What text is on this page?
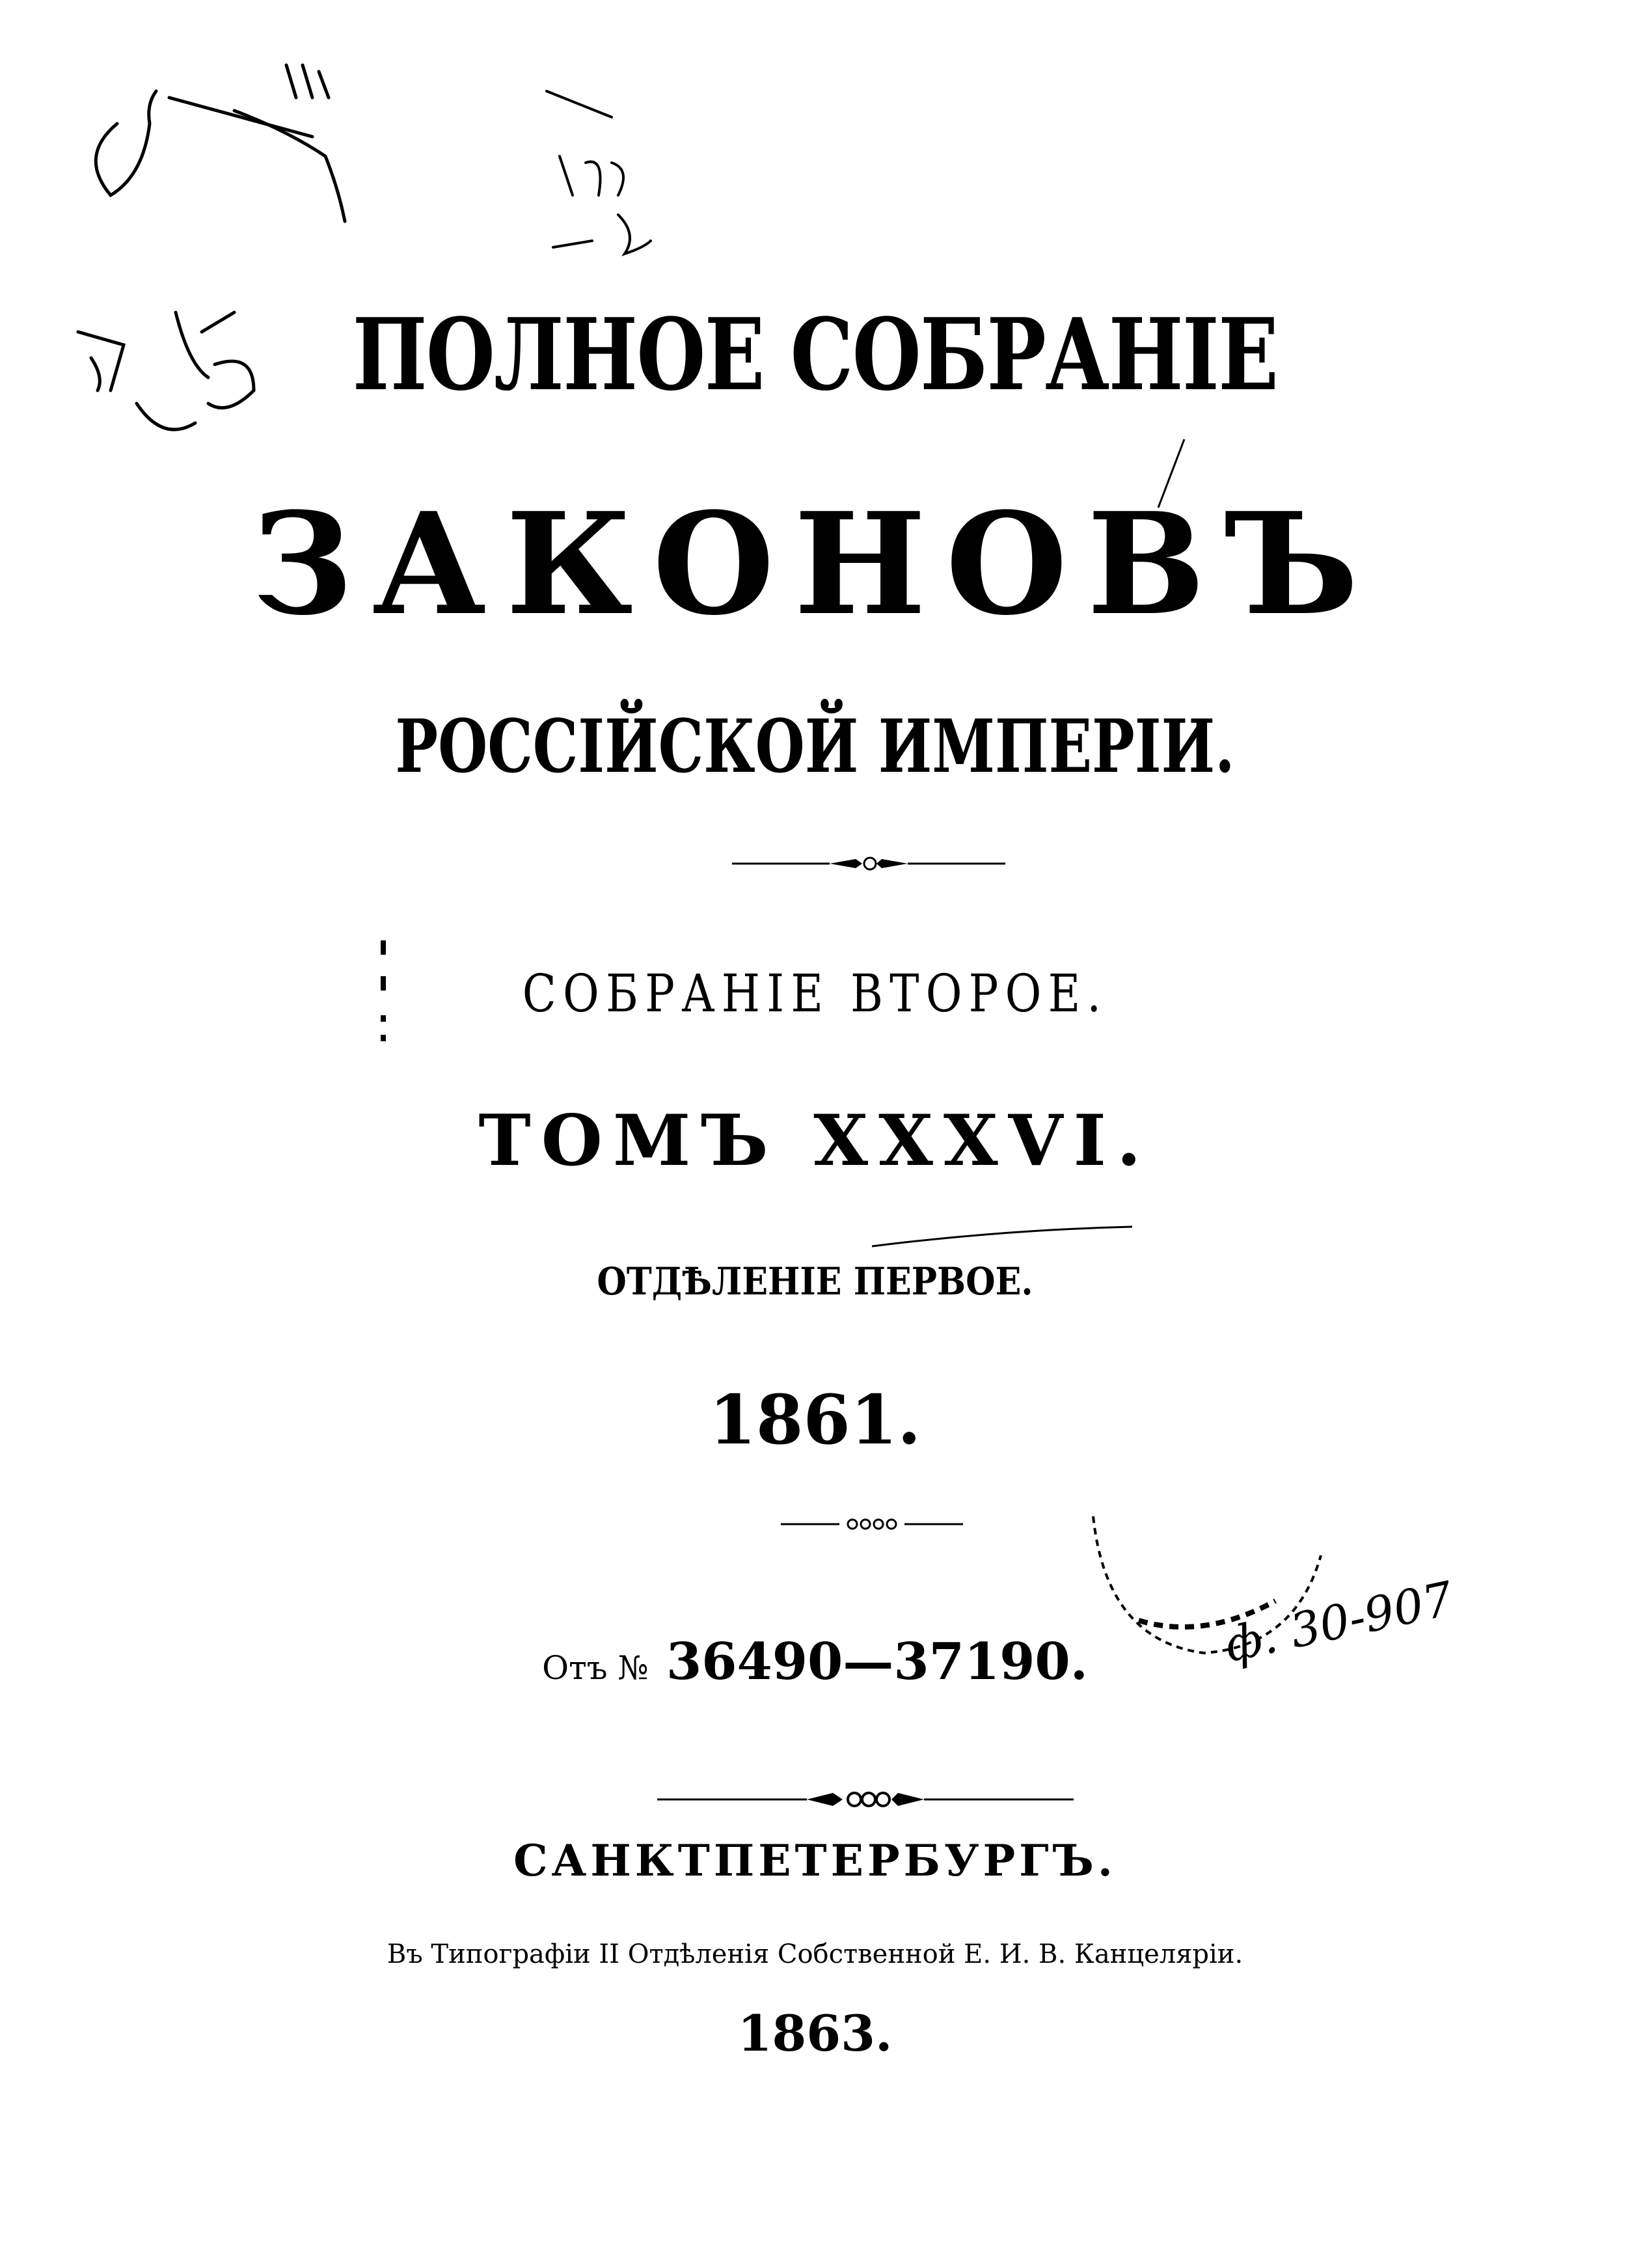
ПОЛНОЕ СОБРАНІЕ
ЗАКОНОВЪ
РОССІЙСКОЙ ИМПЕРІИ.
СОБРАНІЕ ВТОРОЕ.
ТОМЪ XXXVI.
ОТДѢЛЕНІЕ ПЕРВОЕ.
1861.
Отъ № 36490—37190.	ф. 30-907
САНКТПЕТЕРБУРГЪ.
Въ Типографіи II Отдѣленія Собственной Е. И. В. Канцеляріи.
1863.
